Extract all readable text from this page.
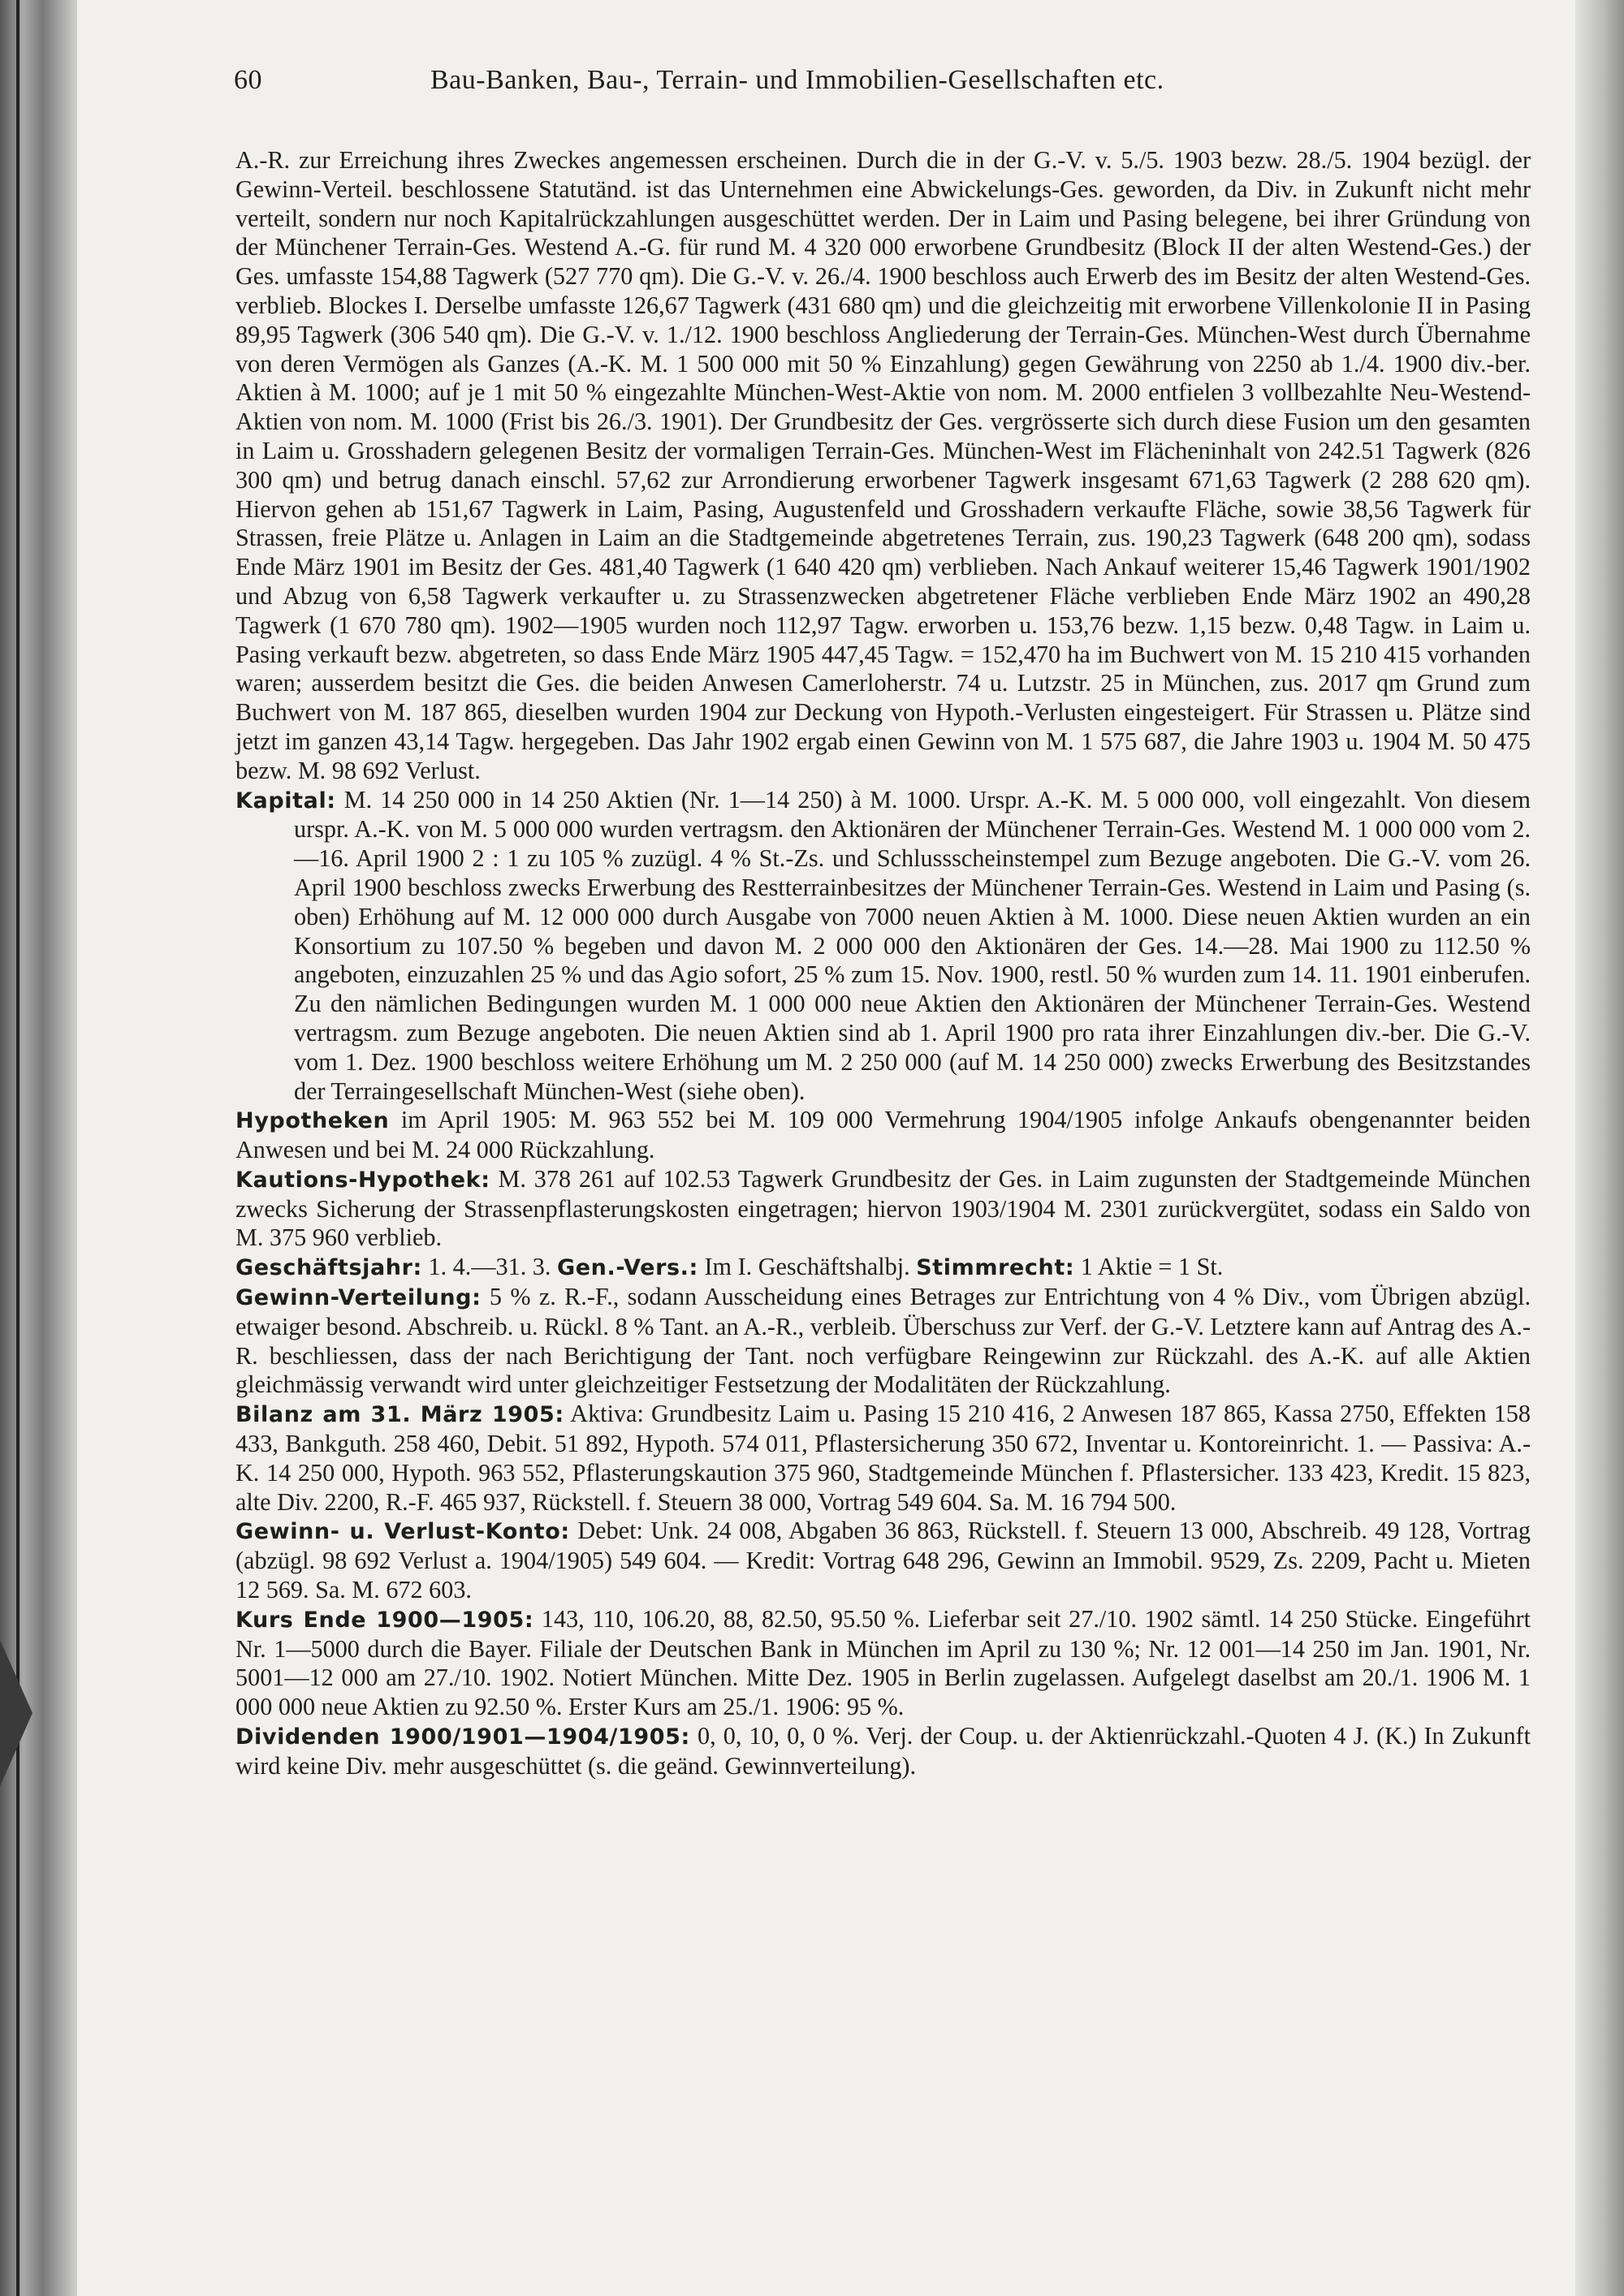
60	Bau-Banken, Bau-, Terrain- und Immobilien-Gesellschaften etc.

A.-R. zur Erreichung ihres Zweckes angemessen erscheinen. Durch die in der G.-V. v. 5./5. 1903 bezw. 28./5. 1904 bezügl. der Gewinn-Verteil. beschlossene Statutänd. ist das Unternehmen eine Abwickelungs-Ges. geworden, da Div. in Zukunft nicht mehr verteilt, sondern nur noch Kapitalrückzahlungen ausgeschüttet werden. Der in Laim und Pasing belegene, bei ihrer Gründung von der Münchener Terrain-Ges. Westend A.-G. für rund M. 4 320 000 erworbene Grundbesitz (Block II der alten Westend-Ges.) der Ges. umfasste 154,88 Tagwerk (527 770 qm). Die G.-V. v. 26./4. 1900 beschloss auch Erwerb des im Besitz der alten Westend-Ges. verblieb. Blockes I. Derselbe umfasste 126,67 Tagwerk (431 680 qm) und die gleichzeitig mit erworbene Villenkolonie II in Pasing 89,95 Tagwerk (306 540 qm). Die G.-V. v. 1./12. 1900 beschloss Angliederung der Terrain-Ges. München-West durch Übernahme von deren Vermögen als Ganzes (A.-K. M. 1 500 000 mit 50 % Einzahlung) gegen Gewährung von 2250 ab 1./4. 1900 div.-ber. Aktien à M. 1000; auf je 1 mit 50 % eingezahlte München-West-Aktie von nom. M. 2000 entfielen 3 vollbezahlte Neu-Westend-Aktien von nom. M. 1000 (Frist bis 26./3. 1901). Der Grundbesitz der Ges. vergrösserte sich durch diese Fusion um den gesamten in Laim u. Grosshadern gelegenen Besitz der vormaligen Terrain-Ges. München-West im Flächeninhalt von 242.51 Tagwerk (826 300 qm) und betrug danach einschl. 57,62 zur Arrondierung erworbener Tagwerk insgesamt 671,63 Tagwerk (2 288 620 qm). Hiervon gehen ab 151,67 Tagwerk in Laim, Pasing, Augustenfeld und Grosshadern verkaufte Fläche, sowie 38,56 Tagwerk für Strassen, freie Plätze u. Anlagen in Laim an die Stadtgemeinde abgetretenes Terrain, zus. 190,23 Tagwerk (648 200 qm), sodass Ende März 1901 im Besitz der Ges. 481,40 Tagwerk (1 640 420 qm) verblieben. Nach Ankauf weiterer 15,46 Tagwerk 1901/1902 und Abzug von 6,58 Tagwerk verkaufter u. zu Strassenzwecken abgetretener Fläche verblieben Ende März 1902 an 490,28 Tagwerk (1 670 780 qm). 1902—1905 wurden noch 112,97 Tagw. erworben u. 153,76 bezw. 1,15 bezw. 0,48 Tagw. in Laim u. Pasing verkauft bezw. abgetreten, so dass Ende März 1905 447,45 Tagw. = 152,470 ha im Buchwert von M. 15 210 415 vorhanden waren; ausserdem besitzt die Ges. die beiden Anwesen Camerloherstr. 74 u. Lutzstr. 25 in München, zus. 2017 qm Grund zum Buchwert von M. 187 865, dieselben wurden 1904 zur Deckung von Hypoth.-Verlusten eingesteigert. Für Strassen u. Plätze sind jetzt im ganzen 43,14 Tagw. hergegeben. Das Jahr 1902 ergab einen Gewinn von M. 1 575 687, die Jahre 1903 u. 1904 M. 50 475 bezw. M. 98 692 Verlust.

Kapital: M. 14 250 000 in 14 250 Aktien (Nr. 1—14 250) à M. 1000. Urspr. A.-K. M. 5 000 000, voll eingezahlt. Von diesem urspr. A.-K. von M. 5 000 000 wurden vertragsm. den Aktionären der Münchener Terrain-Ges. Westend M. 1 000 000 vom 2.—16. April 1900 2 : 1 zu 105 % zuzügl. 4 % St.-Zs. und Schlussscheinstempel zum Bezuge angeboten. Die G.-V. vom 26. April 1900 beschloss zwecks Erwerbung des Restterrainbesitzes der Münchener Terrain-Ges. Westend in Laim und Pasing (s. oben) Erhöhung auf M. 12 000 000 durch Ausgabe von 7000 neuen Aktien à M. 1000. Diese neuen Aktien wurden an ein Konsortium zu 107.50 % begeben und davon M. 2 000 000 den Aktionären der Ges. 14.—28. Mai 1900 zu 112.50 % angeboten, einzuzahlen 25 % und das Agio sofort, 25 % zum 15. Nov. 1900, restl. 50 % wurden zum 14. 11. 1901 einberufen. Zu den nämlichen Bedingungen wurden M. 1 000 000 neue Aktien den Aktionären der Münchener Terrain-Ges. Westend vertragsm. zum Bezuge angeboten. Die neuen Aktien sind ab 1. April 1900 pro rata ihrer Einzahlungen div.-ber. Die G.-V. vom 1. Dez. 1900 beschloss weitere Erhöhung um M. 2 250 000 (auf M. 14 250 000) zwecks Erwerbung des Besitzstandes der Terraingesellschaft München-West (siehe oben).

Hypotheken im April 1905: M. 963 552 bei M. 109 000 Vermehrung 1904/1905 infolge Ankaufs obengenannter beiden Anwesen und bei M. 24 000 Rückzahlung.

Kautions-Hypothek: M. 378 261 auf 102.53 Tagwerk Grundbesitz der Ges. in Laim zugunsten der Stadtgemeinde München zwecks Sicherung der Strassenpflasterungskosten eingetragen; hiervon 1903/1904 M. 2301 zurückvergütet, sodass ein Saldo von M. 375 960 verblieb.

Geschäftsjahr: 1. 4.—31. 3. Gen.-Vers.: Im I. Geschäftshalbj. Stimmrecht: 1 Aktie = 1 St.

Gewinn-Verteilung: 5 % z. R.-F., sodann Ausscheidung eines Betrages zur Entrichtung von 4 % Div., vom Übrigen abzügl. etwaiger besond. Abschreib. u. Rückl. 8 % Tant. an A.-R., verbleib. Überschuss zur Verf. der G.-V. Letztere kann auf Antrag des A.-R. beschliessen, dass der nach Berichtigung der Tant. noch verfügbare Reingewinn zur Rückzahl. des A.-K. auf alle Aktien gleichmässig verwandt wird unter gleichzeitiger Festsetzung der Modalitäten der Rückzahlung.

Bilanz am 31. März 1905: Aktiva: Grundbesitz Laim u. Pasing 15 210 416, 2 Anwesen 187 865, Kassa 2750, Effekten 158 433, Bankguth. 258 460, Debit. 51 892, Hypoth. 574 011, Pflastersicherung 350 672, Inventar u. Kontoreinricht. 1. — Passiva: A.-K. 14 250 000, Hypoth. 963 552, Pflasterungskaution 375 960, Stadtgemeinde München f. Pflastersicher. 133 423, Kredit. 15 823, alte Div. 2200, R.-F. 465 937, Rückstell. f. Steuern 38 000, Vortrag 549 604. Sa. M. 16 794 500.

Gewinn- u. Verlust-Konto: Debet: Unk. 24 008, Abgaben 36 863, Rückstell. f. Steuern 13 000, Abschreib. 49 128, Vortrag (abzügl. 98 692 Verlust a. 1904/1905) 549 604. — Kredit: Vortrag 648 296, Gewinn an Immobil. 9529, Zs. 2209, Pacht u. Mieten 12 569. Sa. M. 672 603.

Kurs Ende 1900—1905: 143, 110, 106.20, 88, 82.50, 95.50 %. Lieferbar seit 27./10. 1902 sämtl. 14 250 Stücke. Eingeführt Nr. 1—5000 durch die Bayer. Filiale der Deutschen Bank in München im April zu 130 %; Nr. 12 001—14 250 im Jan. 1901, Nr. 5001—12 000 am 27./10. 1902. Notiert München. Mitte Dez. 1905 in Berlin zugelassen. Aufgelegt daselbst am 20./1. 1906 M. 1 000 000 neue Aktien zu 92.50 %. Erster Kurs am 25./1. 1906: 95 %.

Dividenden 1900/1901—1904/1905: 0, 0, 10, 0, 0 %. Verj. der Coup. u. der Aktienrückzahl.-Quoten 4 J. (K.) In Zukunft wird keine Div. mehr ausgeschüttet (s. die geänd. Gewinnverteilung).
